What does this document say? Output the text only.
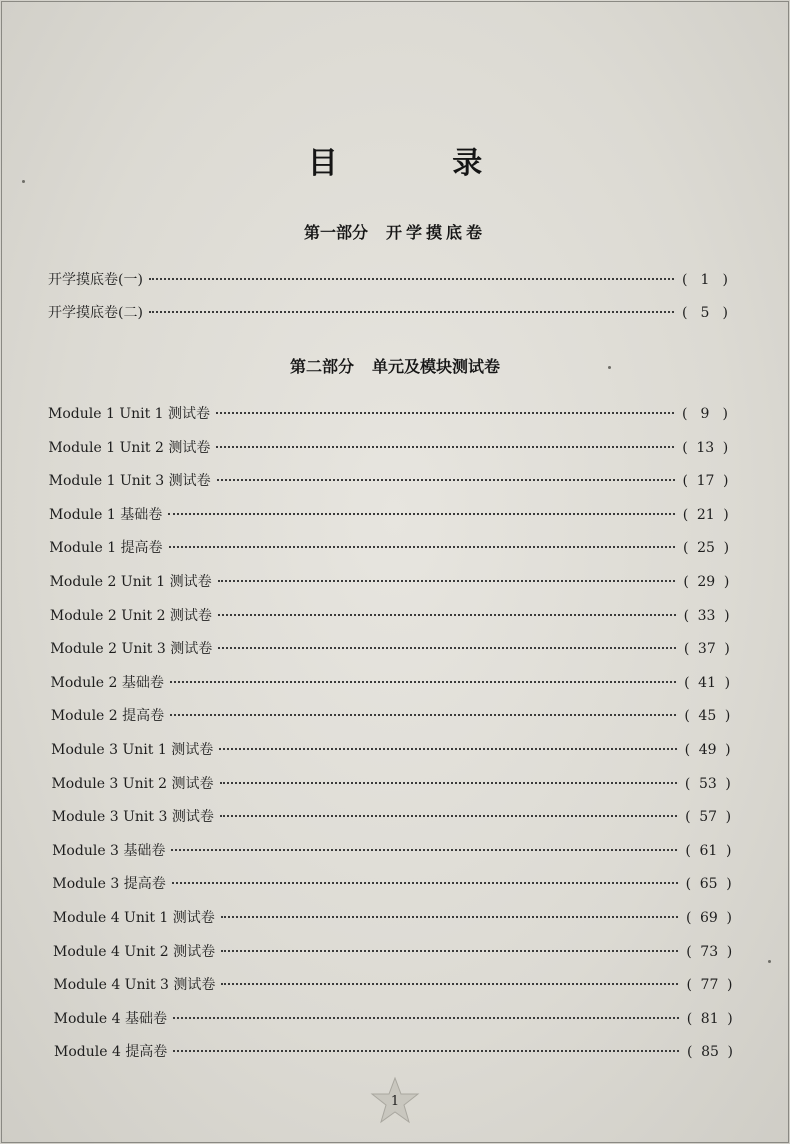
目 录
第一部分 开学摸底卷
第二部分 单元及模块测试卷
开学摸底卷(一)	( 1 )
开学摸底卷(二)	( 5 )
Module 1 Unit 1 测试卷	( 9 )
Module 1 Unit 2 测试卷	( 13 )
Module 1 Unit 3 测试卷	( 17 )
Module 1 基础卷	( 21 )
Module 1 提高卷	( 25 )
Module 2 Unit 1 测试卷	( 29 )
Module 2 Unit 2 测试卷	( 33 )
Module 2 Unit 3 测试卷	( 37 )
Module 2 基础卷	( 41 )
Module 2 提高卷	( 45 )
Module 3 Unit 1 测试卷	( 49 )
Module 3 Unit 2 测试卷	( 53 )
Module 3 Unit 3 测试卷	( 57 )
Module 3 基础卷	( 61 )
Module 3 提高卷	( 65 )
Module 4 Unit 1 测试卷	( 69 )
Module 4 Unit 2 测试卷	( 73 )
Module 4 Unit 3 测试卷	( 77 )
Module 4 基础卷	( 81 )
Module 4 提高卷	( 85 )
1
